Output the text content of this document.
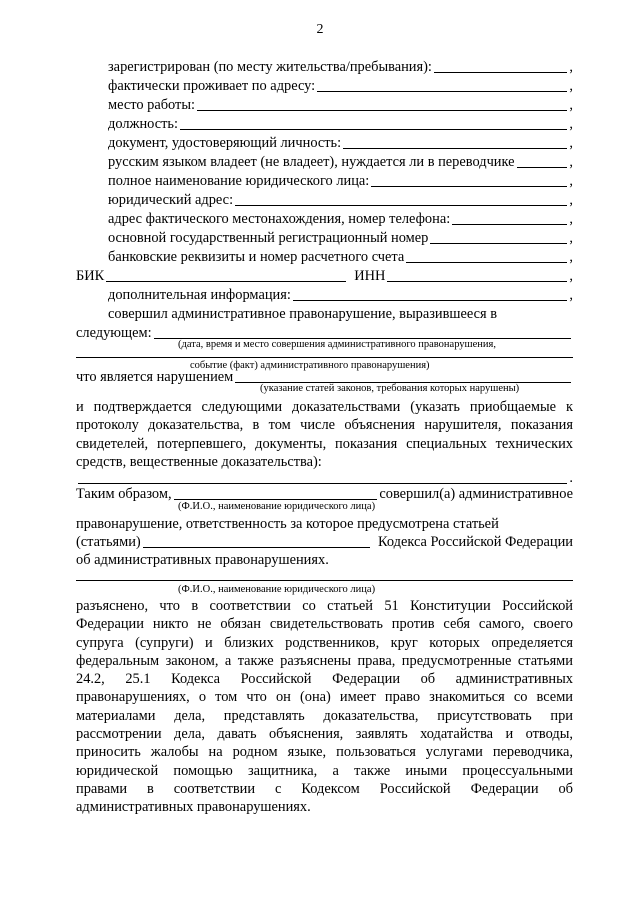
2
зарегистрирован (по месту жительства/пребывания):	,
фактически проживает по адресу:	,
место работы:	,
должность:	,
документ, удостоверяющий личность:	,
русским языком владеет (не владеет), нуждается ли в переводчике	,
полное наименование юридического лица:	,
юридический адрес:	,
адрес фактического местонахождения, номер телефона:	,
основной государственный регистрационный номер	,
банковские реквизиты и номер расчетного счета	,
БИК	ИНН	,
дополнительная информация:	,
совершил административное правонарушение, выразившееся в
следующем:
(дата, время и место совершения административного правонарушения,
событие (факт) административного правонарушения)
что является нарушением
(указание статей законов, требования которых нарушены)
и подтверждается следующими доказательствами (указать приобщаемые к
протоколу доказательства, в том числе объяснения нарушителя, показания
свидетелей, потерпевшего, документы, показания специальных технических
средств, вещественные доказательства):
.
Таким образом,	совершил(а) административное
(Ф.И.О., наименование юридического лица)
правонарушение, ответственность за которое предусмотрена статьей
(статьями)	Кодекса Российской Федерации
об административных правонарушениях.
(Ф.И.О., наименование юридического лица)
разъяснено, что в соответствии со статьей 51 Конституции Российской
Федерации никто не обязан свидетельствовать против себя самого, своего
супруга (супруги) и близких родственников, круг которых определяется
федеральным законом, а также разъяснены права, предусмотренные статьями
24.2, 25.1 Кодекса Российской Федерации об административных
правонарушениях, о том что он (она) имеет право знакомиться со всеми
материалами дела, представлять доказательства, присутствовать при
рассмотрении дела, давать объяснения, заявлять ходатайства и отводы,
приносить жалобы на родном языке, пользоваться услугами переводчика,
юридической помощью защитника, а также иными процессуальными
правами в соответствии с Кодексом Российской Федерации об
административных правонарушениях.
